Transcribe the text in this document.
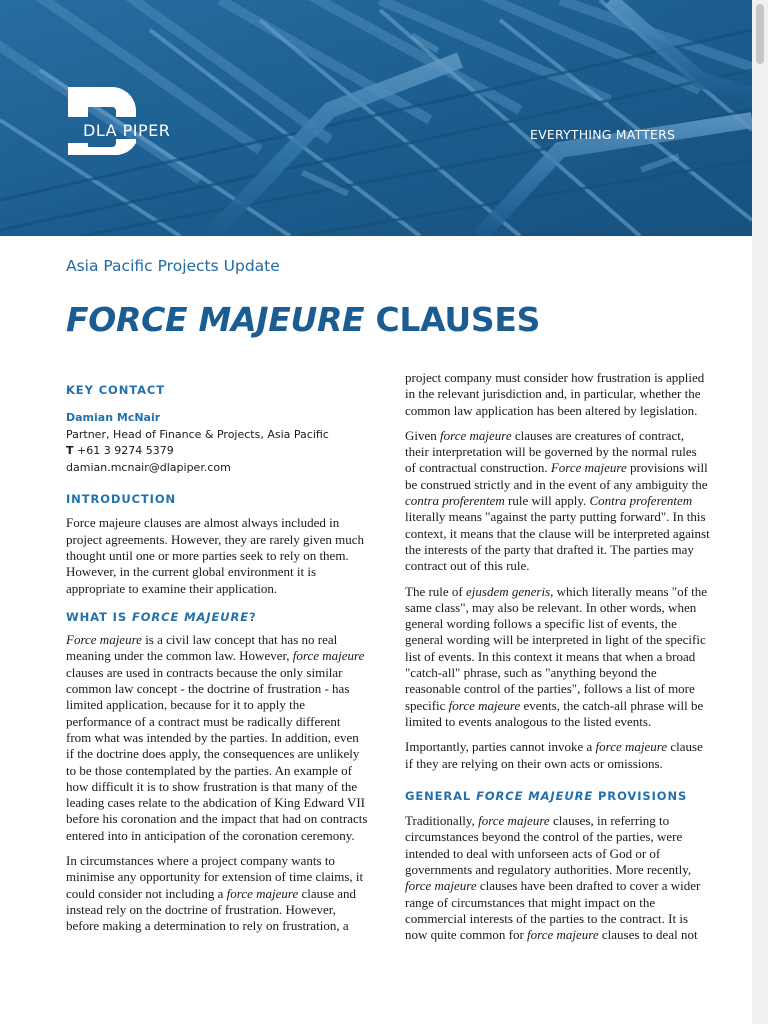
DLA PIPER	EVERYTHING MATTERS
Asia Pacific Projects Update
FORCE MAJEURE CLAUSES
KEY CONTACT
Damian McNair
Partner, Head of Finance & Projects, Asia Pacific
T +61 3 9274 5379
damian.mcnair@dlapiper.com
INTRODUCTION

Force majeure clauses are almost always included in project agreements. However, they are rarely given much thought until one or more parties seek to rely on them. However, in the current global environment it is appropriate to examine their application.

WHAT IS FORCE MAJEURE?

Force majeure is a civil law concept that has no real meaning under the common law. However, force majeure clauses are used in contracts because the only similar common law concept - the doctrine of frustration - has limited application, because for it to apply the performance of a contract must be radically different from what was intended by the parties. In addition, even if the doctrine does apply, the consequences are unlikely to be those contemplated by the parties. An example of how difficult it is to show frustration is that many of the leading cases relate to the abdication of King Edward VII before his coronation and the impact that had on contracts entered into in anticipation of the coronation ceremony.

In circumstances where a project company wants to minimise any opportunity for extension of time claims, it could consider not including a force majeure clause and instead rely on the doctrine of frustration. However, before making a determination to rely on frustration, a

project company must consider how frustration is applied in the relevant jurisdiction and, in particular, whether the common law application has been altered by legislation.

Given force majeure clauses are creatures of contract, their interpretation will be governed by the normal rules of contractual construction. Force majeure provisions will be construed strictly and in the event of any ambiguity the contra proferentem rule will apply. Contra proferentem literally means "against the party putting forward". In this context, it means that the clause will be interpreted against the interests of the party that drafted it. The parties may contract out of this rule.

The rule of ejusdem generis, which literally means "of the same class", may also be relevant. In other words, when general wording follows a specific list of events, the general wording will be interpreted in light of the specific list of events. In this context it means that when a broad "catch-all" phrase, such as "anything beyond the reasonable control of the parties", follows a list of more specific force majeure events, the catch-all phrase will be limited to events analogous to the listed events.

Importantly, parties cannot invoke a force majeure clause if they are relying on their own acts or omissions.

GENERAL FORCE MAJEURE PROVISIONS

Traditionally, force majeure clauses, in referring to circumstances beyond the control of the parties, were intended to deal with unforseen acts of God or of governments and regulatory authorities. More recently, force majeure clauses have been drafted to cover a wider range of circumstances that might impact on the commercial interests of the parties to the contract. It is now quite common for force majeure clauses to deal not
